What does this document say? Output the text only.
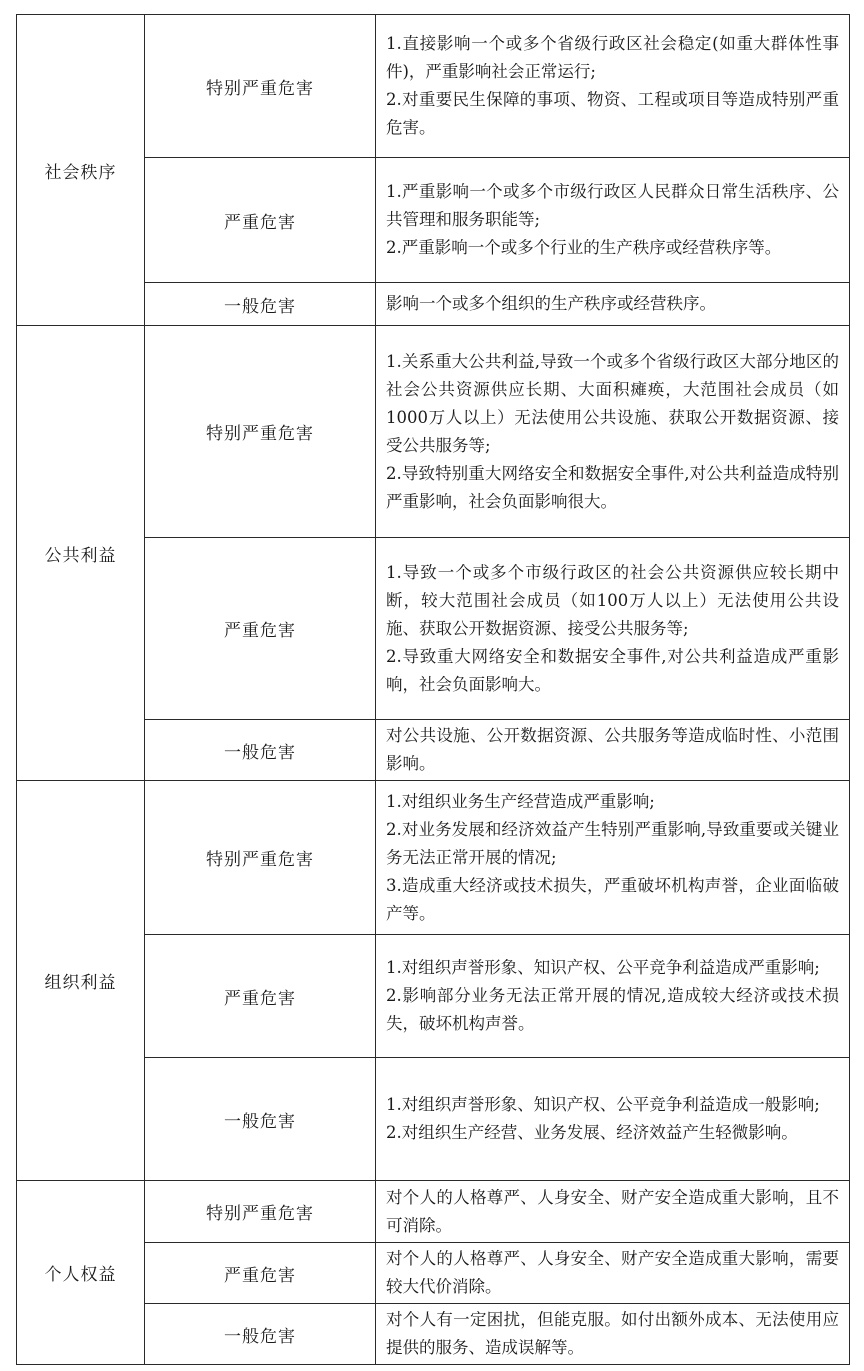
社会秩序	特别严重危害	1.直接影响一个或多个省级行政区社会稳定(如重大群体性事件)，严重影响社会正常运行;
2.对重要民生保障的事项、物资、工程或项目等造成特别严重危害。

	严重危害	1.严重影响一个或多个市级行政区人民群众日常生活秩序、公共管理和服务职能等;
2.严重影响一个或多个行业的生产秩序或经营秩序等。

	一般危害	影响一个或多个组织的生产秩序或经营秩序。

公共利益	特别严重危害	1.关系重大公共利益,导致一个或多个省级行政区大部分地区的社会公共资源供应长期、大面积瘫痪，大范围社会成员（如1000万人以上）无法使用公共设施、获取公开数据资源、接受公共服务等;
2.导致特别重大网络安全和数据安全事件,对公共利益造成特别严重影响，社会负面影响很大。

	严重危害	1.导致一个或多个市级行政区的社会公共资源供应较长期中断，较大范围社会成员（如100万人以上）无法使用公共设施、获取公开数据资源、接受公共服务等;
2.导致重大网络安全和数据安全事件,对公共利益造成严重影响，社会负面影响大。

	一般危害	对公共设施、公开数据资源、公共服务等造成临时性、小范围影响。

组织利益	特别严重危害	1.对组织业务生产经营造成严重影响;
2.对业务发展和经济效益产生特别严重影响,导致重要或关键业务无法正常开展的情况;
3.造成重大经济或技术损失，严重破坏机构声誉，企业面临破产等。

	严重危害	1.对组织声誉形象、知识产权、公平竞争利益造成严重影响;
2.影响部分业务无法正常开展的情况,造成较大经济或技术损失，破坏机构声誉。

	一般危害	1.对组织声誉形象、知识产权、公平竞争利益造成一般影响;
2.对组织生产经营、业务发展、经济效益产生轻微影响。

个人权益	特别严重危害	对个人的人格尊严、人身安全、财产安全造成重大影响，且不可消除。

	严重危害	对个人的人格尊严、人身安全、财产安全造成重大影响，需要较大代价消除。

	一般危害	对个人有一定困扰，但能克服。如付出额外成本、无法使用应提供的服务、造成误解等。
